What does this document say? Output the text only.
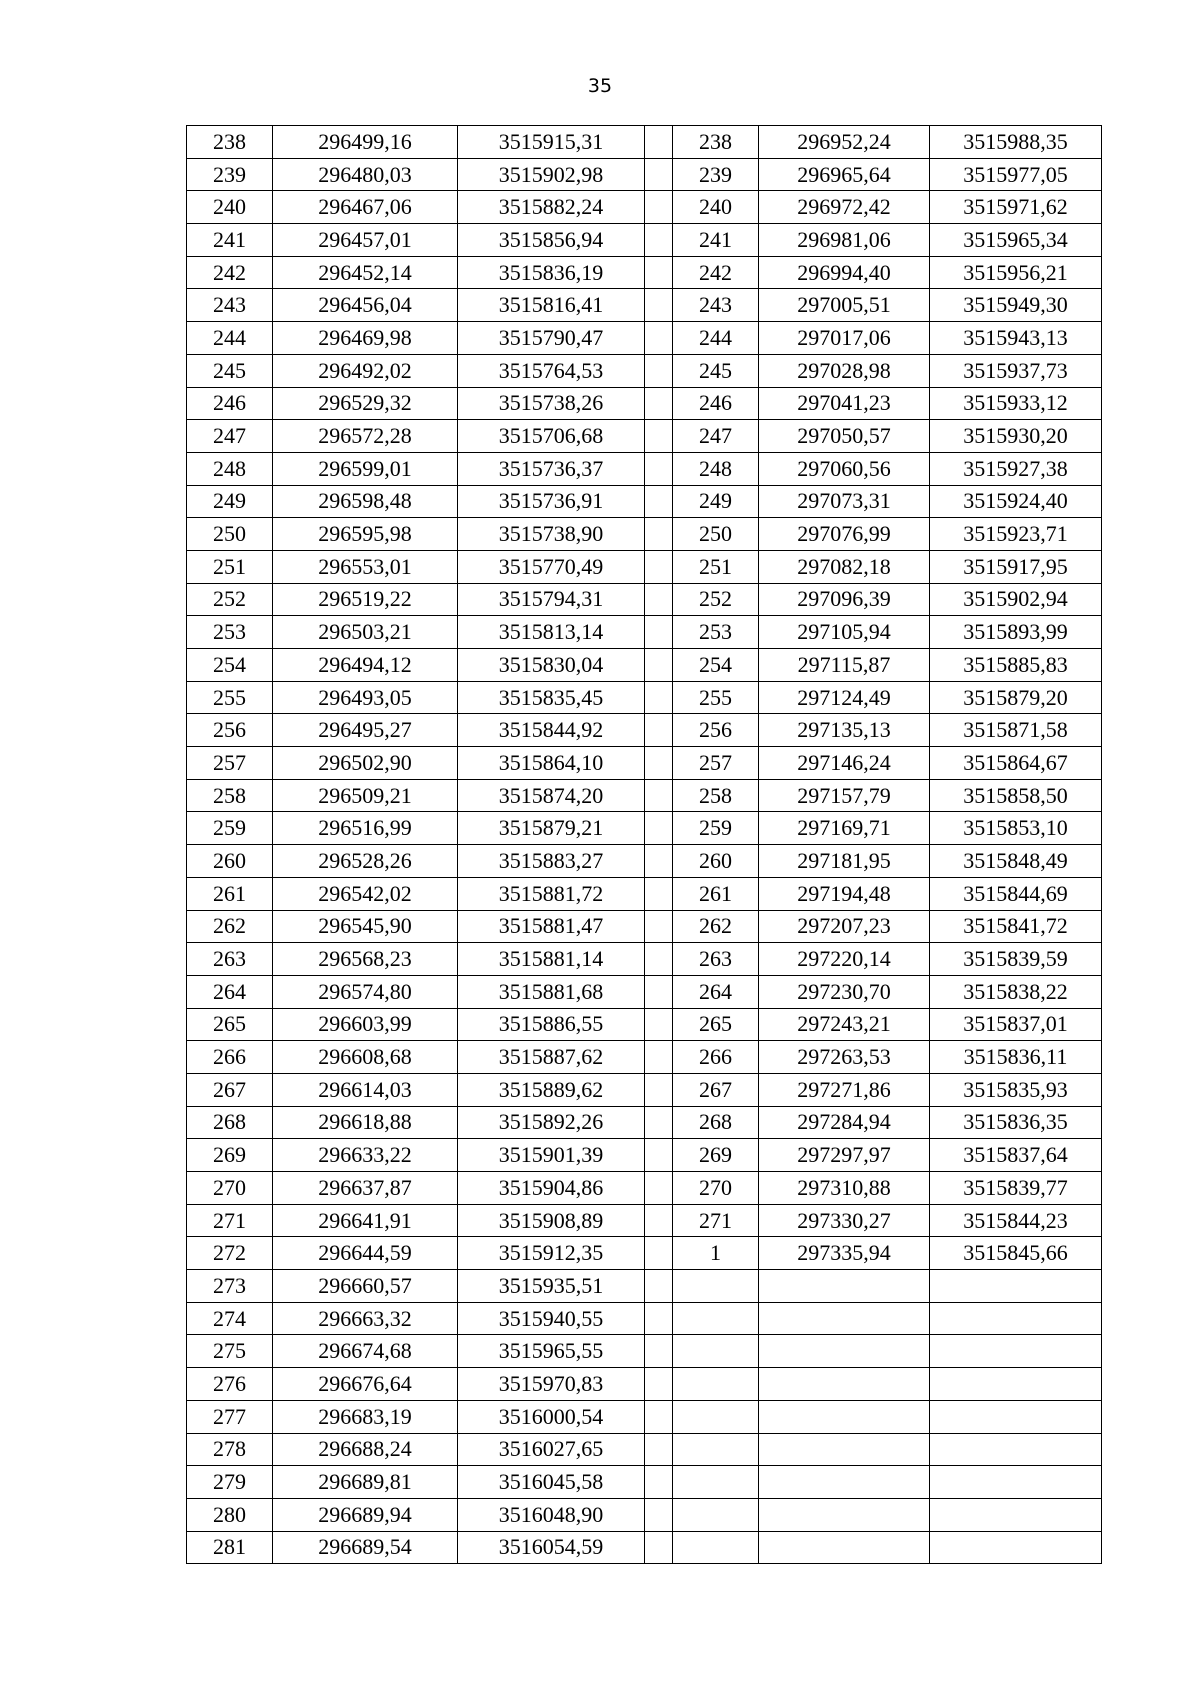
35
238	296499,16	3515915,31		238	296952,24	3515988,35
239	296480,03	3515902,98		239	296965,64	3515977,05
240	296467,06	3515882,24		240	296972,42	3515971,62
241	296457,01	3515856,94		241	296981,06	3515965,34
242	296452,14	3515836,19		242	296994,40	3515956,21
243	296456,04	3515816,41		243	297005,51	3515949,30
244	296469,98	3515790,47		244	297017,06	3515943,13
245	296492,02	3515764,53		245	297028,98	3515937,73
246	296529,32	3515738,26		246	297041,23	3515933,12
247	296572,28	3515706,68		247	297050,57	3515930,20
248	296599,01	3515736,37		248	297060,56	3515927,38
249	296598,48	3515736,91		249	297073,31	3515924,40
250	296595,98	3515738,90		250	297076,99	3515923,71
251	296553,01	3515770,49		251	297082,18	3515917,95
252	296519,22	3515794,31		252	297096,39	3515902,94
253	296503,21	3515813,14		253	297105,94	3515893,99
254	296494,12	3515830,04		254	297115,87	3515885,83
255	296493,05	3515835,45		255	297124,49	3515879,20
256	296495,27	3515844,92		256	297135,13	3515871,58
257	296502,90	3515864,10		257	297146,24	3515864,67
258	296509,21	3515874,20		258	297157,79	3515858,50
259	296516,99	3515879,21		259	297169,71	3515853,10
260	296528,26	3515883,27		260	297181,95	3515848,49
261	296542,02	3515881,72		261	297194,48	3515844,69
262	296545,90	3515881,47		262	297207,23	3515841,72
263	296568,23	3515881,14		263	297220,14	3515839,59
264	296574,80	3515881,68		264	297230,70	3515838,22
265	296603,99	3515886,55		265	297243,21	3515837,01
266	296608,68	3515887,62		266	297263,53	3515836,11
267	296614,03	3515889,62		267	297271,86	3515835,93
268	296618,88	3515892,26		268	297284,94	3515836,35
269	296633,22	3515901,39		269	297297,97	3515837,64
270	296637,87	3515904,86		270	297310,88	3515839,77
271	296641,91	3515908,89		271	297330,27	3515844,23
272	296644,59	3515912,35		1	297335,94	3515845,66
273	296660,57	3515935,51				
274	296663,32	3515940,55				
275	296674,68	3515965,55				
276	296676,64	3515970,83				
277	296683,19	3516000,54				
278	296688,24	3516027,65				
279	296689,81	3516045,58				
280	296689,94	3516048,90				
281	296689,54	3516054,59				
